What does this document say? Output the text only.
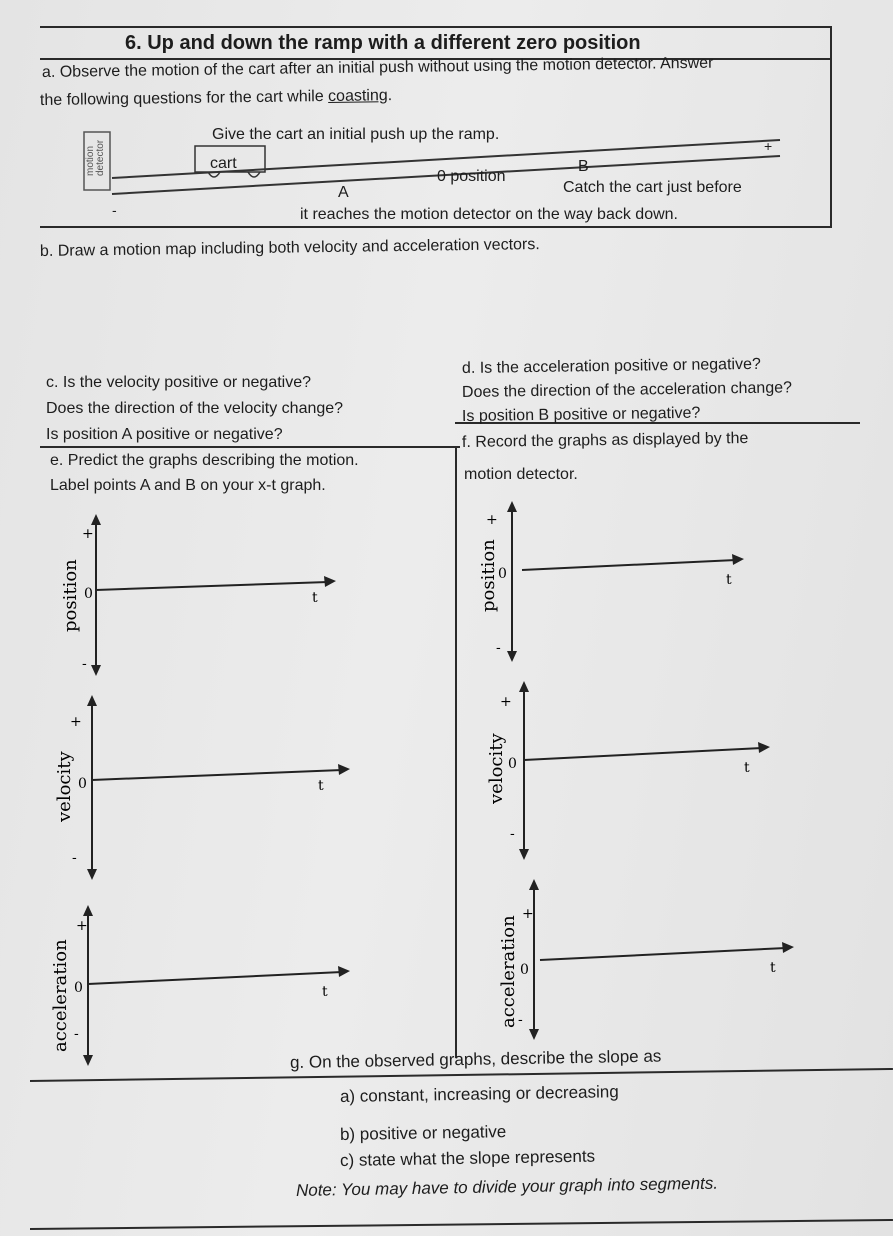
6. Up and down the ramp with a different zero position
a. Observe the motion of the cart after an initial push without using the motion detector. Answer
the following questions for the cart while coasting.
Give the cart an initial push up the ramp.
motion detector	cart
+
-
A
0 position
B
Catch the cart just before
it reaches the motion detector on the way back down.
b. Draw a motion map including both velocity and acceleration vectors.
c. Is the velocity positive or negative?
Does the direction of the velocity change?
Is position A positive or negative?
d. Is the acceleration positive or negative?
Does the direction of the acceleration change?
Is position B positive or negative?
e. Predict the graphs describing the motion.
Label points A and B on your x-t graph.
f. Record the graphs as displayed by the
motion detector.
+
-
0	t
position
+
-
0	t
velocity
+
-
0	t
acceleration
+
-
0	t
position
+
-
0	t
velocity
+
-
0	t
acceleration
g. On the observed graphs, describe the slope as
a) constant, increasing or decreasing
b) positive or negative
c) state what the slope represents
Note: You may have to divide your graph into segments.
